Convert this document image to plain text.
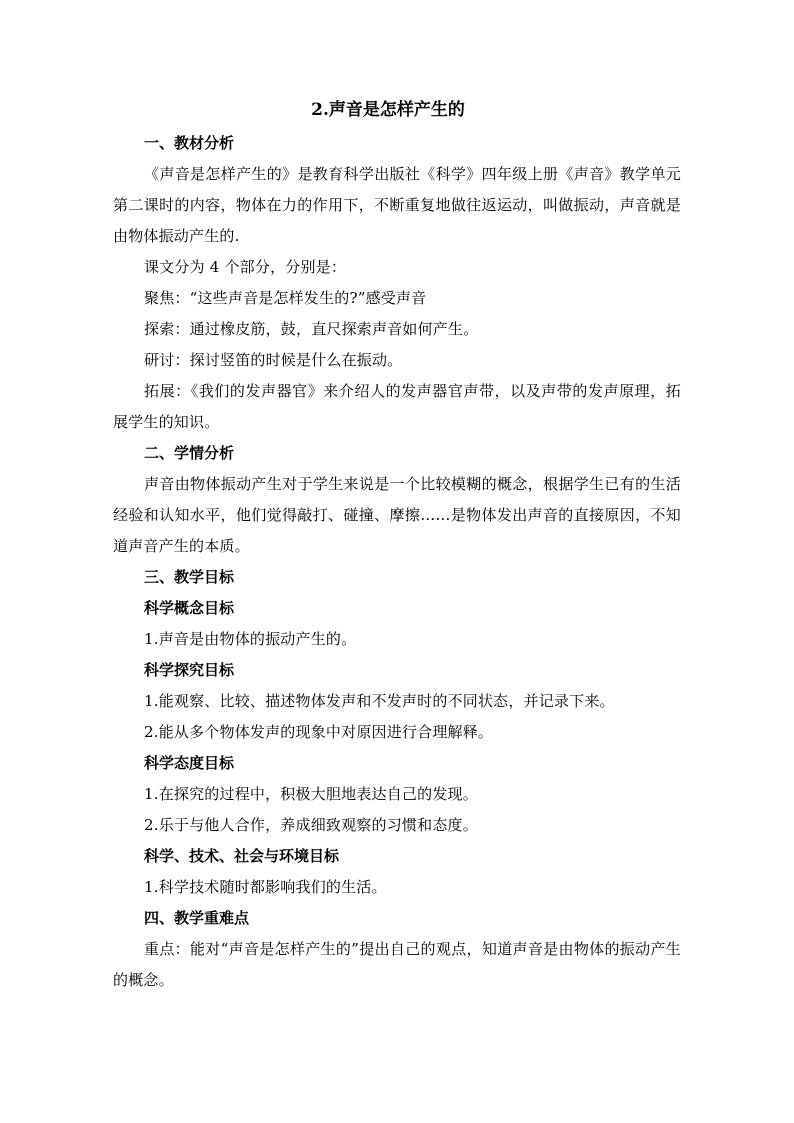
2.声音是怎样产生的
一、教材分析
《声音是怎样产生的》是教育科学出版社《科学》四年级上册《声音》教学单元第二课时的内容，物体在力的作用下，不断重复地做往返运动，叫做振动，声音就是由物体振动产生的.
课文分为 4 个部分，分别是：
聚焦：“这些声音是怎样发生的?”感受声音
探索：通过橡皮筋，鼓，直尺探索声音如何产生。
研讨：探讨竖笛的时候是什么在振动。
拓展：《我们的发声器官》来介绍人的发声器官声带，以及声带的发声原理，拓展学生的知识。
二、学情分析
声音由物体振动产生对于学生来说是一个比较模糊的概念，根据学生已有的生活经验和认知水平，他们觉得敲打、碰撞、摩擦……是物体发出声音的直接原因，不知道声音产生的本质。
三、教学目标
科学概念目标
1.声音是由物体的振动产生的。
科学探究目标
1.能观察、比较、描述物体发声和不发声时的不同状态，并记录下来。
2.能从多个物体发声的现象中对原因进行合理解释。
科学态度目标
1.在探究的过程中，积极大胆地表达自己的发现。
2.乐于与他人合作，养成细致观察的习惯和态度。
科学、技术、社会与环境目标
1.科学技术随时都影响我们的生活。
四、教学重难点
重点：能对“声音是怎样产生的”提出自己的观点，知道声音是由物体的振动产生的概念。
